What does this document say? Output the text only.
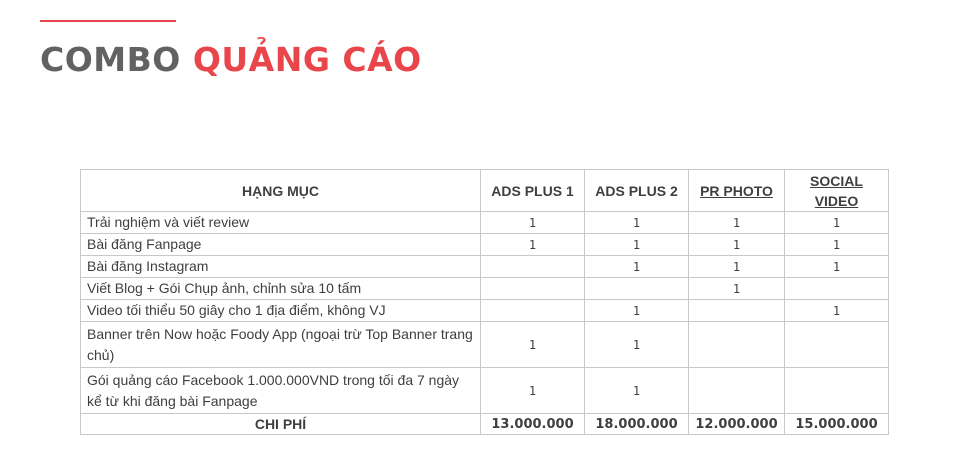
COMBO QUẢNG CÁO
HẠNG MỤC	ADS PLUS 1	ADS PLUS 2	PR PHOTO	SOCIAL VIDEO
Trải nghiệm và viết review	1	1	1	1
Bài đăng Fanpage	1	1	1	1
Bài đăng Instagram		1	1	1
Viết Blog + Gói Chụp ảnh, chỉnh sửa 10 tấm			1	
Video tối thiểu 50 giây cho 1 địa điểm, không VJ		1		1
Banner trên Now hoặc Foody App (ngoại trừ Top Banner trang chủ)	1	1		
Gói quảng cáo Facebook 1.000.000VND trong tối đa 7 ngày kể từ khi đăng bài Fanpage	1	1		
CHI PHÍ	13.000.000	18.000.000	12.000.000	15.000.000
